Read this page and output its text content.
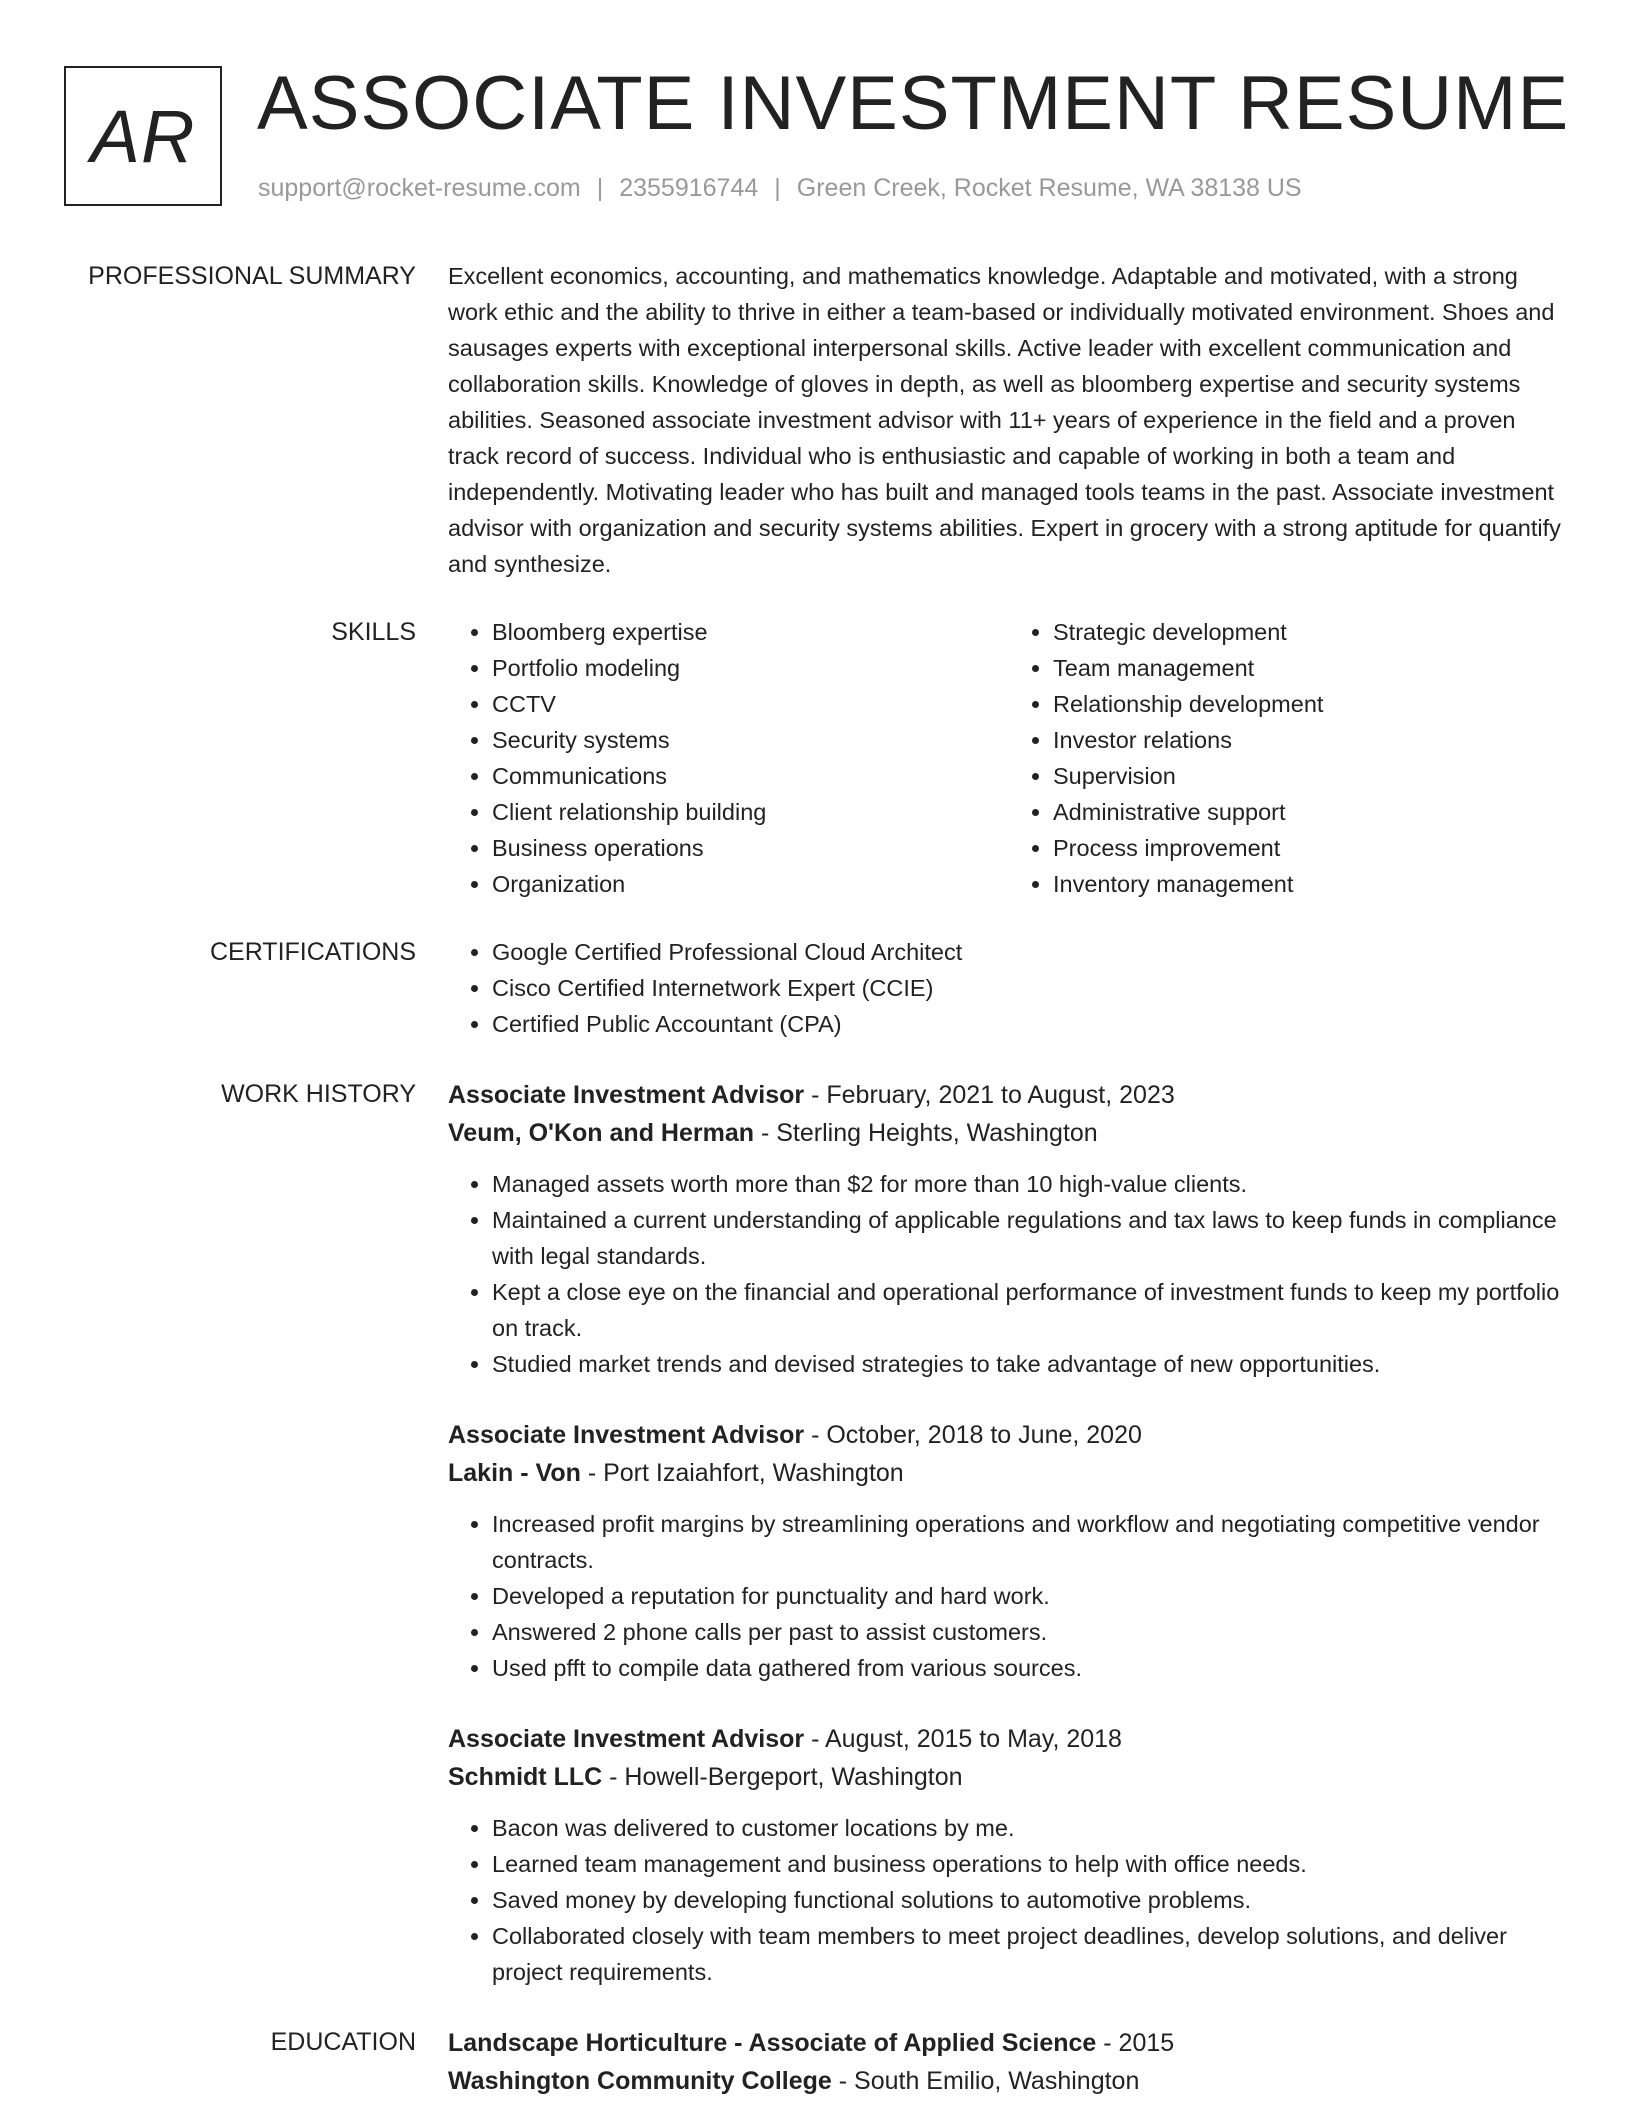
AR ASSOCIATE INVESTMENT RESUME
support@rocket-resume.com | 2355916744 | Green Creek, Rocket Resume, WA 38138 US
PROFESSIONAL SUMMARY Excellent economics, accounting, and mathematics knowledge. Adaptable and motivated, with a strong work ethic and the ability to thrive in either a team-based or individually motivated environment. Shoes and sausages experts with exceptional interpersonal skills. Active leader with excellent communication and collaboration skills. Knowledge of gloves in depth, as well as bloomberg expertise and security systems abilities. Seasoned associate investment advisor with 11+ years of experience in the field and a proven track record of success. Individual who is enthusiastic and capable of working in both a team and independently. Motivating leader who has built and managed tools teams in the past. Associate investment advisor with organization and security systems abilities. Expert in grocery with a strong aptitude for quantify and synthesize.

SKILLS	• Bloomberg expertise
• Portfolio modeling
• CCTV
• Security systems
• Communications
• Client relationship building
• Business operations
• Organization
• Strategic development
• Team management
• Relationship development
• Investor relations
• Supervision
• Administrative support
• Process improvement
• Inventory management
CERTIFICATIONS	• Google Certified Professional Cloud Architect
• Cisco Certified Internetwork Expert (CCIE)
• Certified Public Accountant (CPA)
WORK HISTORY Associate Investment Advisor - February, 2021 to August, 2023

Veum, O'Kon and Herman - Sterling Heights, Washington

• Managed assets worth more than $2 for more than 10 high-value clients.
• Maintained a current understanding of applicable regulations and tax laws to keep funds in compliance with legal standards.
• Kept a close eye on the financial and operational performance of investment funds to keep my portfolio on track.
• Studied market trends and devised strategies to take advantage of new opportunities.

Associate Investment Advisor - October, 2018 to June, 2020

Lakin - Von - Port Izaiahfort, Washington

• Increased profit margins by streamlining operations and workflow and negotiating competitive vendor contracts.
• Developed a reputation for punctuality and hard work.
• Answered 2 phone calls per past to assist customers.
• Used pfft to compile data gathered from various sources.

Associate Investment Advisor - August, 2015 to May, 2018

Schmidt LLC - Howell-Bergeport, Washington

• Bacon was delivered to customer locations by me.
• Learned team management and business operations to help with office needs.
• Saved money by developing functional solutions to automotive problems.
• Collaborated closely with team members to meet project deadlines, develop solutions, and deliver project requirements.
EDUCATION Landscape Horticulture - Associate of Applied Science - 2015

Washington Community College - South Emilio, Washington
